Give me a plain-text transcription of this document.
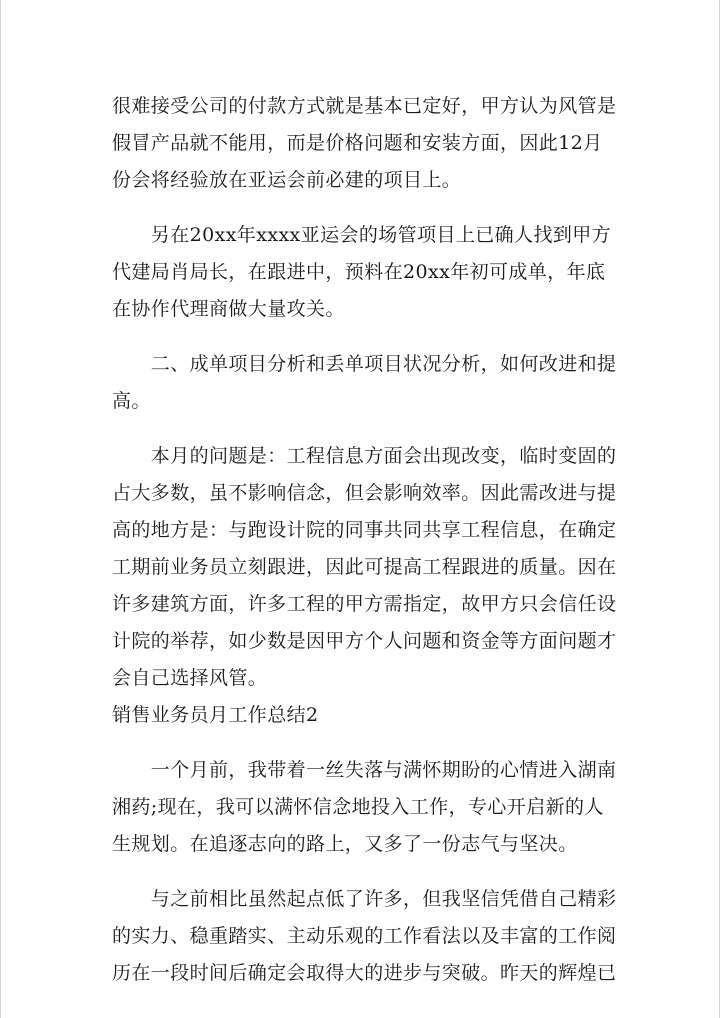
很难接受公司的付款方式就是基本已定好，甲方认为风管是
假冒产品就不能用，而是价格问题和安装方面，因此12月
份会将经验放在亚运会前必建的项目上。
　　另在20xx年xxxx亚运会的场管项目上已确人找到甲方
代建局肖局长，在跟进中，预料在20xx年初可成单，年底
在协作代理商做大量攻关。
　　二、成单项目分析和丢单项目状况分析，如何改进和提
高。
　　本月的问题是：工程信息方面会出现改变，临时变固的
占大多数，虽不影响信念，但会影响效率。因此需改进与提
高的地方是：与跑设计院的同事共同共享工程信息，在确定
工期前业务员立刻跟进，因此可提高工程跟进的质量。因在
许多建筑方面，许多工程的甲方需指定，故甲方只会信任设
计院的举荐，如少数是因甲方个人问题和资金等方面问题才
会自己选择风管。
销售业务员月工作总结2
　　一个月前，我带着一丝失落与满怀期盼的心情进入湖南
湘药;现在，我可以满怀信念地投入工作，专心开启新的人
生规划。在追逐志向的路上，又多了一份志气与坚决。
　　与之前相比虽然起点低了许多，但我坚信凭借自己精彩
的实力、稳重踏实、主动乐观的工作看法以及丰富的工作阅
历在一段时间后确定会取得大的进步与突破。昨天的辉煌已
